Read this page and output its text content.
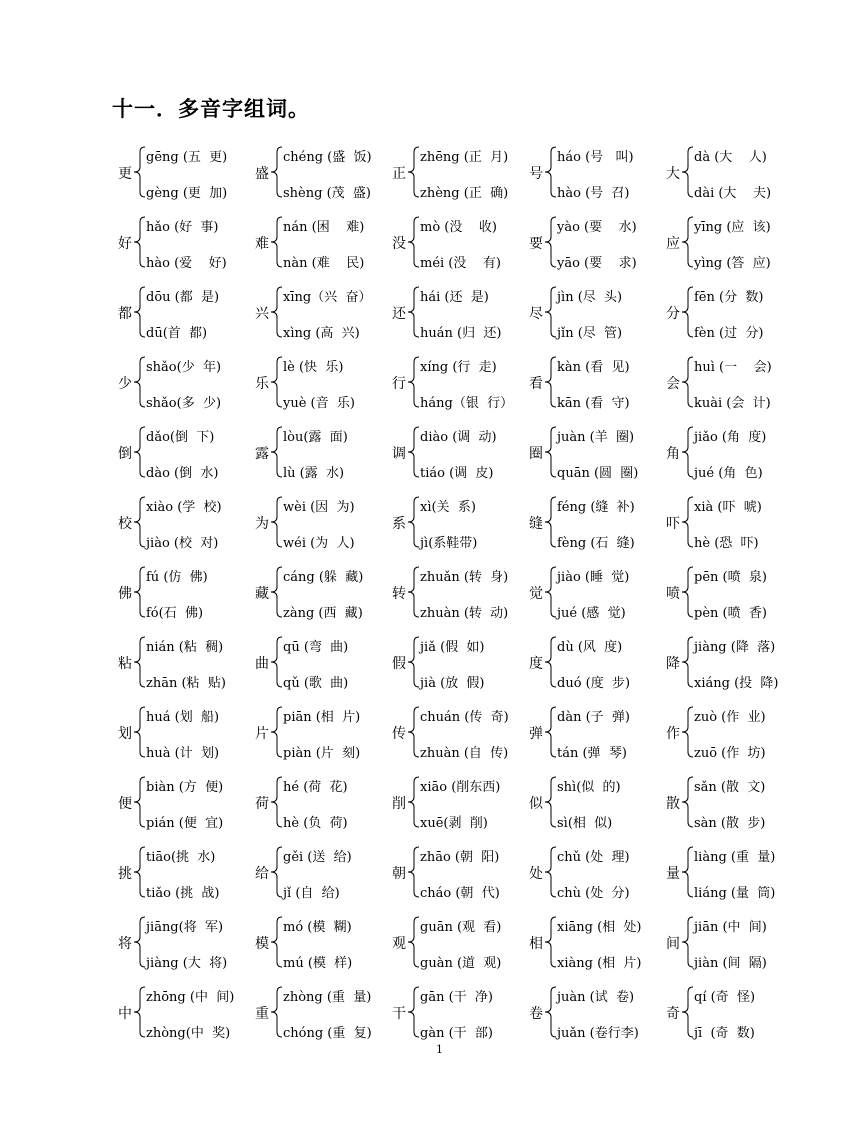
十一．多音字组词。
更
gēng (五  更)
gèng (更  加)
盛
chéng (盛  饭)
shèng (茂  盛)
正
zhēng (正  月)
zhèng (正  确)
号
háo (号   叫)
hào (号  召)
大
dà (大    人)
dài (大    夫)
好
hǎo (好  事)
hào (爱    好)
难
nán (困    难)
nàn (难    民)
没
mò (没    收)
méi (没    有)
要
yào (要    水)
yāo (要    求)
应
yīng (应  该)
yìng (答  应)
都
dōu (都  是)
dū(首  都)
兴
xīng（兴  奋）
xìng (高  兴)
还
hái (还  是)
huán (归  还)
尽
jìn (尽  头)
jǐn (尽  管)
分
fēn (分  数)
fèn (过  分)
少
shǎo(少  年)
shǎo(多  少)
乐
lè (快  乐)
yuè (音  乐)
行
xíng (行  走)
háng（银  行）
看
kàn (看  见)
kān (看  守)
会
huì (一    会)
kuài (会  计)
倒
dǎo(倒  下)
dào (倒  水)
露
lòu(露  面)
lù (露  水)
调
diào (调  动)
tiáo (调  皮)
圈
juàn (羊  圈)
quān (圆  圈)
角
jiǎo (角  度)
jué (角  色)
校
xiào (学  校)
jiào (校  对)
为
wèi (因  为)
wéi (为  人)
系
xì(关  系)
jì(系鞋带)
缝
féng (缝  补)
fèng (石  缝)
吓
xià (吓  唬)
hè (恐  吓)
佛
fú (仿  佛)
fó(石  佛)
藏
cáng (躲  藏)
zàng (西  藏)
转
zhuǎn (转  身)
zhuàn (转  动)
觉
jiào (睡  觉)
jué (感  觉)
喷
pēn (喷  泉)
pèn (喷  香)
粘
nián (粘  稠)
zhān (粘  贴)
曲
qū (弯  曲)
qǔ (歌  曲)
假
jiǎ (假  如)
jià (放  假)
度
dù (风  度)
duó (度  步)
降
jiàng (降  落)
xiáng (投  降)
划
huá (划  船)
huà (计  划)
片
piān (相  片)
piàn (片  刻)
传
chuán (传  奇)
zhuàn (自  传)
弹
dàn (子  弹)
tán (弹  琴)
作
zuò (作  业)
zuō (作  坊)
便
biàn (方  便)
pián (便  宜)
荷
hé (荷  花)
hè (负  荷)
削
xiāo (削东西)
xuē(剥  削)
似
shì(似  的)
sì(相  似)
散
sǎn (散  文)
sàn (散  步)
挑
tiāo(挑  水)
tiǎo (挑  战)
给
gěi (送  给)
jǐ (自  给)
朝
zhāo (朝  阳)
cháo (朝  代)
处
chǔ (处  理)
chù (处  分)
量
liàng (重  量)
liáng (量  筒)
将
jiāng(将  军)
jiàng (大  将)
模
mó (模  糊)
mú (模  样)
观
guān (观  看)
guàn (道  观)
相
xiāng (相  处)
xiàng (相  片)
间
jiān (中  间)
jiàn (间  隔)
中
zhōng (中  间)
zhòng(中  奖)
重
zhòng (重  量)
chóng (重  复)
干
gān (干  净)
gàn (干  部)
卷
juàn (试  卷)
juǎn (卷行李)
奇
qí (奇  怪)
jī  (奇  数)
1
